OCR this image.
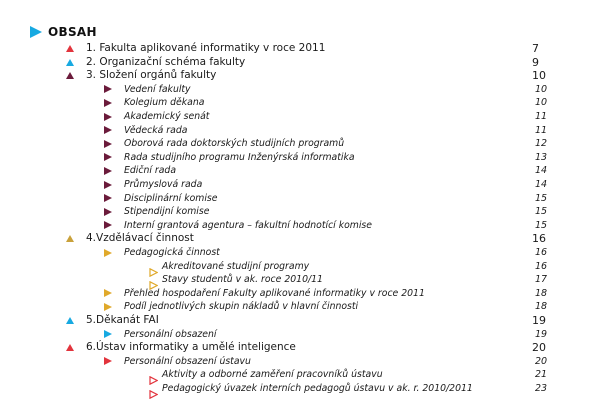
OBSAH
1. Fakulta aplikované informatiky v roce 2011	7
2. Organizační schéma fakulty	9
3. Složení orgánů fakulty	10
Vedení fakulty	10
Kolegium děkana	10
Akademický senát	11
Vědecká rada	11
Oborová rada doktorských studijních programů	12
Rada studijního programu Inženýrská informatika	13
Ediční rada	14
Průmyslová rada	14
Disciplinární komise	15
Stipendijní komise	15
Interní grantová agentura – fakultní hodnotící komise	15
4.Vzdělávací činnost	16
Pedagogická činnost	16
Akreditované studijní programy	16
Stavy studentů v ak. roce 2010/11	17
Přehled hospodaření Fakulty aplikované informatiky v roce 2011	18
Podíl jednotlivých skupin nákladů v hlavní činnosti	18
5.Děkanát FAI	19
Personální obsazení	19
6.Ústav informatiky a umělé inteligence	20
Personální obsazení ústavu	20
Aktivity a odborné zaměření pracovníků ústavu	21
Pedagogický úvazek interních pedagogů ústavu v ak. r. 2010/2011	23
